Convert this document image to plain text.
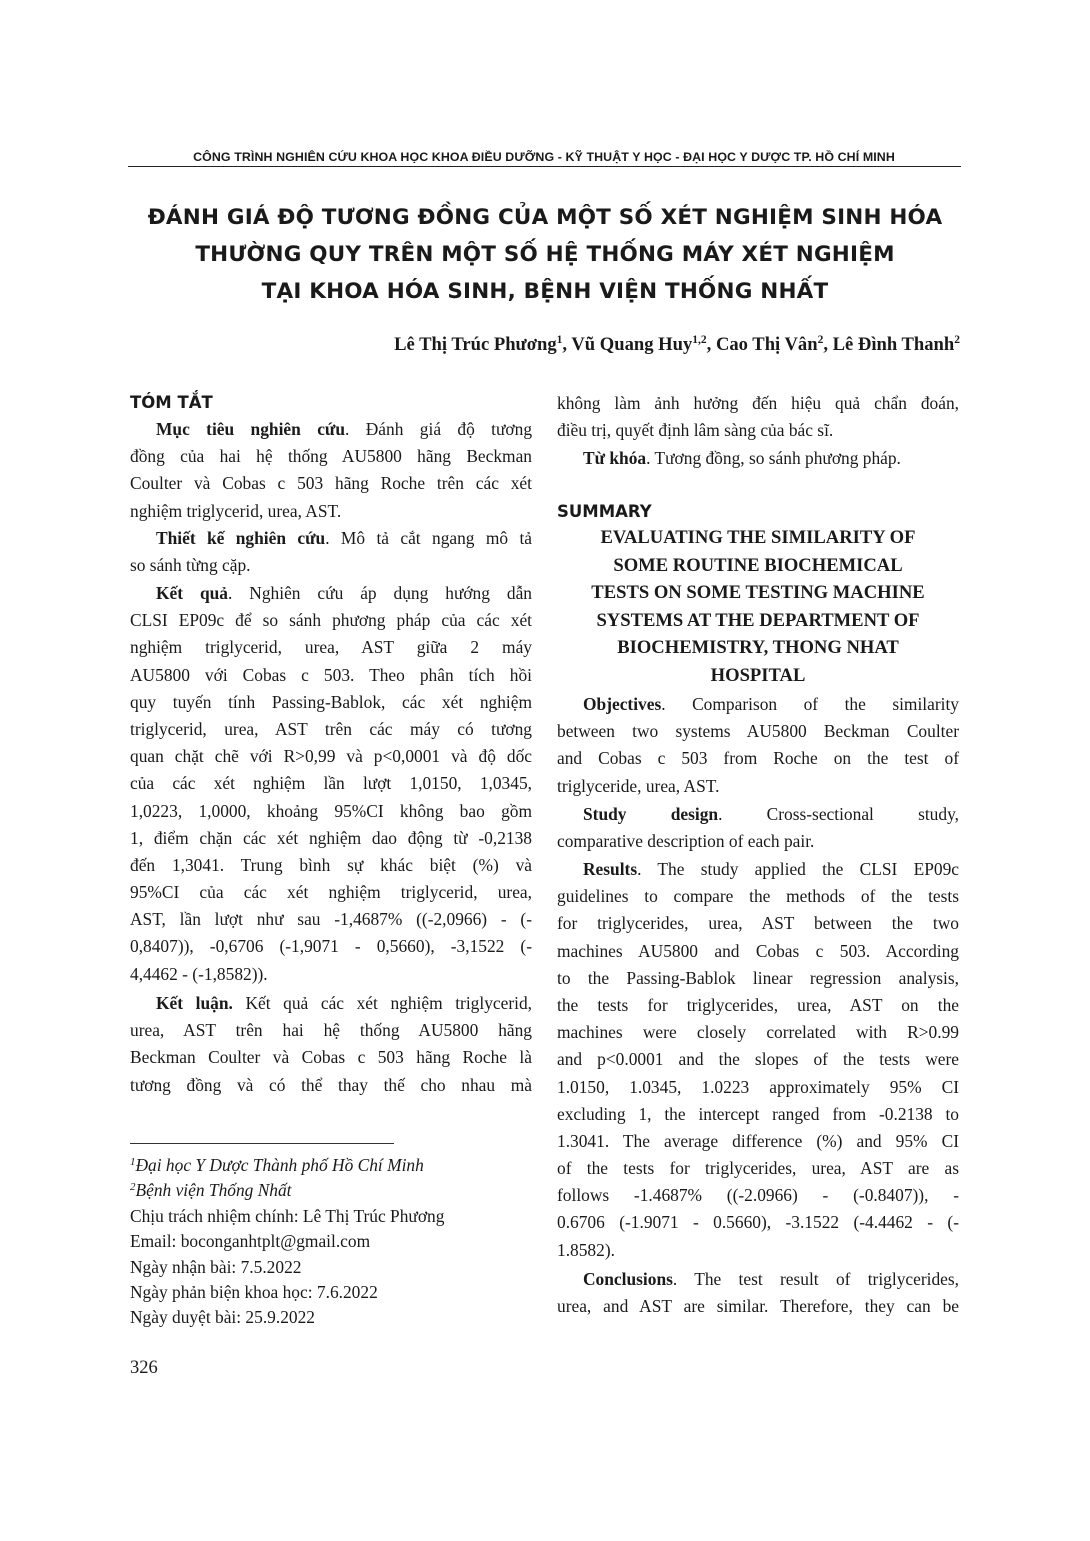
CÔNG TRÌNH NGHIÊN CỨU KHOA HỌC KHOA ĐIỀU DƯỠNG - KỸ THUẬT Y HỌC - ĐẠI HỌC Y DƯỢC TP. HỒ CHÍ MINH
ĐÁNH GIÁ ĐỘ TƯƠNG ĐỒNG CỦA MỘT SỐ XÉT NGHIỆM SINH HÓA
THƯỜNG QUY TRÊN MỘT SỐ HỆ THỐNG MÁY XÉT NGHIỆM
TẠI KHOA HÓA SINH, BỆNH VIỆN THỐNG NHẤT
Lê Thị Trúc Phương$^1$, Vũ Quang Huy$^{1,2}$, Cao Thị Vân$^2$, Lê Đình Thanh$^2$
TÓM TẮT
Mục tiêu nghiên cứu. Đánh giá độ tương
đồng của hai hệ thống AU5800 hãng Beckman
Coulter và Cobas c 503 hãng Roche trên các xét
nghiệm triglycerid, urea, AST.
Thiết kế nghiên cứu. Mô tả cắt ngang mô tả
so sánh từng cặp.
Kết quả. Nghiên cứu áp dụng hướng dẫn
CLSI EP09c để so sánh phương pháp của các xét
nghiệm triglycerid, urea, AST giữa 2 máy
AU5800 với Cobas c 503. Theo phân tích hồi
quy tuyến tính Passing-Bablok, các xét nghiệm
triglycerid, urea, AST trên các máy có tương
quan chặt chẽ với R>0,99 và p<0,0001 và độ dốc
của các xét nghiệm lần lượt 1,0150, 1,0345,
1,0223, 1,0000, khoảng 95%CI không bao gồm
1, điểm chặn các xét nghiệm dao động từ -0,2138
đến 1,3041. Trung bình sự khác biệt (%) và
95%CI của các xét nghiệm triglycerid, urea,
AST, lần lượt như sau -1,4687% ((-2,0966) - (-
0,8407)), -0,6706 (-1,9071 - 0,5660), -3,1522 (-
4,4462 - (-1,8582)).
Kết luận. Kết quả các xét nghiệm triglycerid,
urea, AST trên hai hệ thống AU5800 hãng
Beckman Coulter và Cobas c 503 hãng Roche là
tương đồng và có thể thay thế cho nhau mà
$^1$Đại học Y Dược Thành phố Hồ Chí Minh
$^2$Bệnh viện Thống Nhất
Chịu trách nhiệm chính: Lê Thị Trúc Phương
Email: boconganhtplt@gmail.com
Ngày nhận bài: 7.5.2022
Ngày phản biện khoa học: 7.6.2022
Ngày duyệt bài: 25.9.2022
không làm ảnh hưởng đến hiệu quả chẩn đoán,
điều trị, quyết định lâm sàng của bác sĩ.
Từ khóa. Tương đồng, so sánh phương pháp.
SUMMARY
EVALUATING THE SIMILARITY OF
SOME ROUTINE BIOCHEMICAL
TESTS ON SOME TESTING MACHINE
SYSTEMS AT THE DEPARTMENT OF
BIOCHEMISTRY, THONG NHAT
HOSPITAL
Objectives. Comparison of the similarity
between two systems AU5800 Beckman Coulter
and Cobas c 503 from Roche on the test of
triglyceride, urea, AST.
Study design. Cross-sectional study,
comparative description of each pair.
Results. The study applied the CLSI EP09c
guidelines to compare the methods of the tests
for triglycerides, urea, AST between the two
machines AU5800 and Cobas c 503. According
to the Passing-Bablok linear regression analysis,
the tests for triglycerides, urea, AST on the
machines were closely correlated with R>0.99
and p<0.0001 and the slopes of the tests were
1.0150, 1.0345, 1.0223 approximately 95% CI
excluding 1, the intercept ranged from -0.2138 to
1.3041. The average difference (%) and 95% CI
of the tests for triglycerides, urea, AST are as
follows -1.4687% ((-2.0966) - (-0.8407)), -
0.6706 (-1.9071 - 0.5660), -3.1522 (-4.4462 - (-
1.8582).
Conclusions. The test result of triglycerides,
urea, and AST are similar. Therefore, they can be
326
